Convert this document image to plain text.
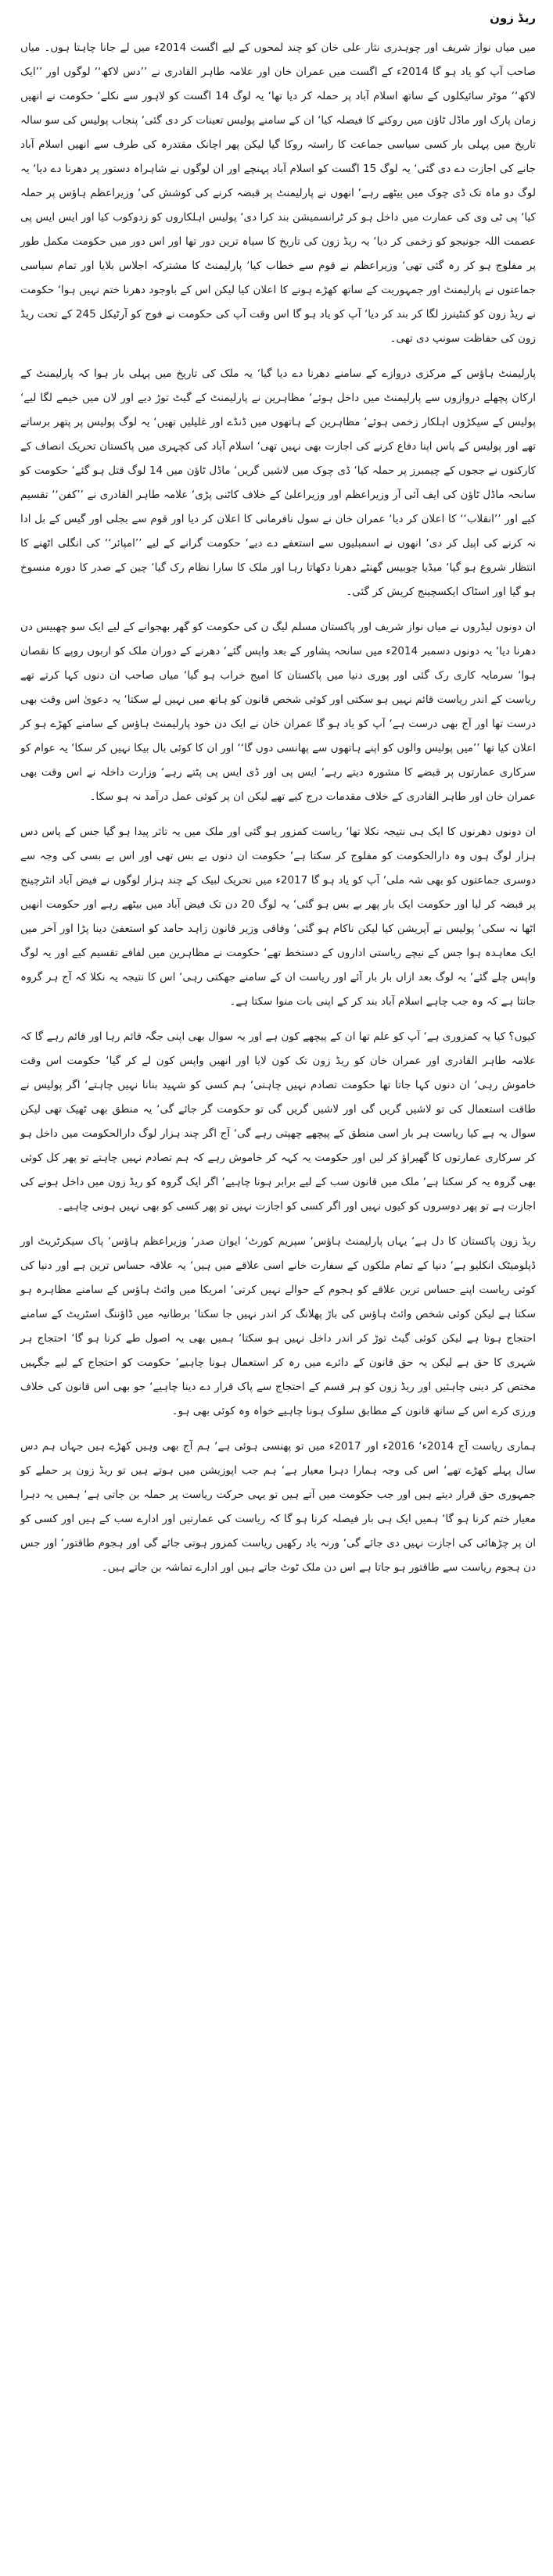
ریڈ زون

میں میاں نواز شریف اور چوہدری نثار علی خان کو چند لمحوں کے لیے اگست 2014ء میں لے جانا چاہتا ہوں۔ میاں صاحب آپ کو یاد ہو گا 2014ء کے اگست میں عمران خان اور علامہ طاہر القادری نے ’’دس لاکھ‘‘ لوگوں اور ’’ایک لاکھ‘‘ موٹر سائیکلوں کے ساتھ اسلام آباد پر حملہ کر دیا تھا‘ یہ لوگ 14 اگست کو لاہور سے نکلے‘ حکومت نے انھیں زمان پارک اور ماڈل ٹاؤن میں روکنے کا فیصلہ کیا‘ ان کے سامنے پولیس تعینات کر دی گئی‘ پنجاب پولیس کی سو سالہ تاریخ میں پہلی بار کسی سیاسی جماعت کا راستہ روکا گیا لیکن پھر اچانک مقتدرہ کی طرف سے انھیں اسلام آباد جانے کی اجازت دے دی گئی‘ یہ لوگ 15 اگست کو اسلام آباد پہنچے اور ان لوگوں نے شاہراہ دستور پر دھرنا دے دیا‘ یہ لوگ دو ماہ تک ڈی چوک میں بیٹھے رہے‘ انھوں نے پارلیمنٹ پر قبضہ کرنے کی کوشش کی‘ وزیراعظم ہاؤس پر حملہ کیا‘ پی ٹی وی کی عمارت میں داخل ہو کر ٹرانسمیشن بند کرا دی‘ پولیس اہلکاروں کو زدوکوب کیا اور ایس ایس پی عصمت اللہ جونیجو کو زخمی کر دیا‘ یہ ریڈ زون کی تاریخ کا سیاہ ترین دور تھا اور اس دور میں حکومت مکمل طور پر مفلوج ہو کر رہ گئی تھی‘ وزیراعظم نے قوم سے خطاب کیا‘ پارلیمنٹ کا مشترکہ اجلاس بلایا اور تمام سیاسی جماعتوں نے پارلیمنٹ اور جمہوریت کے ساتھ کھڑے ہونے کا اعلان کیا لیکن اس کے باوجود دھرنا ختم نہیں ہوا‘ حکومت نے ریڈ زون کو کنٹینرز لگا کر بند کر دیا‘ آپ کو یاد ہو گا اس وقت آپ کی حکومت نے فوج کو آرٹیکل 245 کے تحت ریڈ زون کی حفاظت سونپ دی تھی۔

پارلیمنٹ ہاؤس کے مرکزی دروازے کے سامنے دھرنا دے دیا گیا‘ یہ ملک کی تاریخ میں پہلی بار ہوا کہ پارلیمنٹ کے ارکان پچھلے دروازوں سے پارلیمنٹ میں داخل ہوئے‘ مظاہرین نے پارلیمنٹ کے گیٹ توڑ دیے اور لان میں خیمے لگا لیے‘ پولیس کے سیکڑوں اہلکار زخمی ہوئے‘ مظاہرین کے ہاتھوں میں ڈنڈے اور غلیلیں تھیں‘ یہ لوگ پولیس پر پتھر برساتے تھے اور پولیس کے پاس اپنا دفاع کرنے کی اجازت بھی نہیں تھی‘ اسلام آباد کی کچہری میں پاکستان تحریک انصاف کے کارکنوں نے ججوں کے چیمبرز پر حملہ کیا‘ ڈی چوک میں لاشیں گریں‘ ماڈل ٹاؤن میں 14 لوگ قتل ہو گئے‘ حکومت کو سانحہ ماڈل ٹاؤن کی ایف آئی آر وزیراعظم اور وزیراعلیٰ کے خلاف کاٹنی پڑی‘ علامہ طاہر القادری نے ’’کفن‘‘ تقسیم کیے اور ’’انقلاب‘‘ کا اعلان کر دیا‘ عمران خان نے سول نافرمانی کا اعلان کر دیا اور قوم سے بجلی اور گیس کے بل ادا نہ کرنے کی اپیل کر دی‘ انھوں نے اسمبلیوں سے استعفے دے دیے‘ حکومت گرانے کے لیے ’’امپائر‘‘ کی انگلی اٹھنے کا انتظار شروع ہو گیا‘ میڈیا چوبیس گھنٹے دھرنا دکھاتا رہا اور ملک کا سارا نظام رک گیا‘ چین کے صدر کا دورہ منسوخ ہو گیا اور اسٹاک ایکسچینج کریش کر گئی۔

ان دونوں لیڈروں نے میاں نواز شریف اور پاکستان مسلم لیگ ن کی حکومت کو گھر بھجوانے کے لیے ایک سو چھبیس دن دھرنا دیا‘ یہ دونوں دسمبر 2014ء میں سانحہ پشاور کے بعد واپس گئے‘ دھرنے کے دوران ملک کو اربوں روپے کا نقصان ہوا‘ سرمایہ کاری رک گئی اور پوری دنیا میں پاکستان کا امیج خراب ہو گیا‘ میاں صاحب ان دنوں کہا کرتے تھے ریاست کے اندر ریاست قائم نہیں ہو سکتی اور کوئی شخص قانون کو ہاتھ میں نہیں لے سکتا‘ یہ دعویٰ اس وقت بھی درست تھا اور آج بھی درست ہے‘ آپ کو یاد ہو گا عمران خان نے ایک دن خود پارلیمنٹ ہاؤس کے سامنے کھڑے ہو کر اعلان کیا تھا ’’میں پولیس والوں کو اپنے ہاتھوں سے پھانسی دوں گا‘‘ اور ان کا کوئی بال بیکا نہیں کر سکا‘ یہ عوام کو سرکاری عمارتوں پر قبضے کا مشورہ دیتے رہے‘ ایس پی اور ڈی ایس پی پٹتے رہے‘ وزارت داخلہ نے اس وقت بھی عمران خان اور طاہر القادری کے خلاف مقدمات درج کیے تھے لیکن ان پر کوئی عمل درآمد نہ ہو سکا۔

ان دونوں دھرنوں کا ایک ہی نتیجہ نکلا تھا‘ ریاست کمزور ہو گئی اور ملک میں یہ تاثر پیدا ہو گیا جس کے پاس دس ہزار لوگ ہوں وہ دارالحکومت کو مفلوج کر سکتا ہے‘ حکومت ان دنوں بے بس تھی اور اس بے بسی کی وجہ سے دوسری جماعتوں کو بھی شہ ملی‘ آپ کو یاد ہو گا 2017ء میں تحریک لبیک کے چند ہزار لوگوں نے فیض آباد انٹرچینج پر قبضہ کر لیا اور حکومت ایک بار پھر بے بس ہو گئی‘ یہ لوگ 20 دن تک فیض آباد میں بیٹھے رہے اور حکومت انھیں اٹھا نہ سکی‘ پولیس نے آپریشن کیا لیکن ناکام ہو گئی‘ وفاقی وزیر قانون زاہد حامد کو استعفیٰ دینا پڑا اور آخر میں ایک معاہدہ ہوا جس کے نیچے ریاستی اداروں کے دستخط تھے‘ حکومت نے مظاہرین میں لفافے تقسیم کیے اور یہ لوگ واپس چلے گئے‘ یہ لوگ بعد ازاں بار بار آئے اور ریاست ان کے سامنے جھکتی رہی‘ اس کا نتیجہ یہ نکلا کہ آج ہر گروہ جانتا ہے کہ وہ جب چاہے اسلام آباد بند کر کے اپنی بات منوا سکتا ہے۔

کیوں؟ کیا یہ کمزوری ہے‘ آپ کو علم تھا ان کے پیچھے کون ہے اور یہ سوال بھی اپنی جگہ قائم رہا اور قائم رہے گا کہ علامہ طاہر القادری اور عمران خان کو ریڈ زون تک کون لایا اور انھیں واپس کون لے کر گیا‘ حکومت اس وقت خاموش رہی‘ ان دنوں کہا جاتا تھا حکومت تصادم نہیں چاہتی‘ ہم کسی کو شہید بنانا نہیں چاہتے‘ اگر پولیس نے طاقت استعمال کی تو لاشیں گریں گی اور لاشیں گریں گی تو حکومت گر جائے گی‘ یہ منطق بھی ٹھیک تھی لیکن سوال یہ ہے کیا ریاست ہر بار اسی منطق کے پیچھے چھپتی رہے گی‘ آج اگر چند ہزار لوگ دارالحکومت میں داخل ہو کر سرکاری عمارتوں کا گھیراؤ کر لیں اور حکومت یہ کہہ کر خاموش رہے کہ ہم تصادم نہیں چاہتے تو پھر کل کوئی بھی گروہ یہ کر سکتا ہے‘ ملک میں قانون سب کے لیے برابر ہونا چاہیے‘ اگر ایک گروہ کو ریڈ زون میں داخل ہونے کی اجازت ہے تو پھر دوسروں کو کیوں نہیں اور اگر کسی کو اجازت نہیں تو پھر کسی کو بھی نہیں ہونی چاہیے۔

ریڈ زون پاکستان کا دل ہے‘ یہاں پارلیمنٹ ہاؤس‘ سپریم کورٹ‘ ایوان صدر‘ وزیراعظم ہاؤس‘ پاک سیکرٹریٹ اور ڈپلومیٹک انکلیو ہے‘ دنیا کے تمام ملکوں کے سفارت خانے اسی علاقے میں ہیں‘ یہ علاقہ حساس ترین ہے اور دنیا کی کوئی ریاست اپنے حساس ترین علاقے کو ہجوم کے حوالے نہیں کرتی‘ امریکا میں وائٹ ہاؤس کے سامنے مظاہرہ ہو سکتا ہے لیکن کوئی شخص وائٹ ہاؤس کی باڑ پھلانگ کر اندر نہیں جا سکتا‘ برطانیہ میں ڈاؤننگ اسٹریٹ کے سامنے احتجاج ہوتا ہے لیکن کوئی گیٹ توڑ کر اندر داخل نہیں ہو سکتا‘ ہمیں بھی یہ اصول طے کرنا ہو گا‘ احتجاج ہر شہری کا حق ہے لیکن یہ حق قانون کے دائرے میں رہ کر استعمال ہونا چاہیے‘ حکومت کو احتجاج کے لیے جگہیں مختص کر دینی چاہئیں اور ریڈ زون کو ہر قسم کے احتجاج سے پاک قرار دے دینا چاہیے‘ جو بھی اس قانون کی خلاف ورزی کرے اس کے ساتھ قانون کے مطابق سلوک ہونا چاہیے خواہ وہ کوئی بھی ہو۔

ہماری ریاست آج 2014ء‘ 2016ء اور 2017ء میں تو پھنسی ہوئی ہے‘ ہم آج بھی وہیں کھڑے ہیں جہاں ہم دس سال پہلے کھڑے تھے‘ اس کی وجہ ہمارا دہرا معیار ہے‘ ہم جب اپوزیشن میں ہوتے ہیں تو ریڈ زون پر حملے کو جمہوری حق قرار دیتے ہیں اور جب حکومت میں آتے ہیں تو یہی حرکت ریاست پر حملہ بن جاتی ہے‘ ہمیں یہ دہرا معیار ختم کرنا ہو گا‘ ہمیں ایک ہی بار فیصلہ کرنا ہو گا کہ ریاست کی عمارتیں اور ادارے سب کے ہیں اور کسی کو ان پر چڑھائی کی اجازت نہیں دی جائے گی‘ ورنہ یاد رکھیں ریاست کمزور ہوتی جائے گی اور ہجوم طاقتور‘ اور جس دن ہجوم ریاست سے طاقتور ہو جاتا ہے اس دن ملک ٹوٹ جاتے ہیں اور ادارے تماشہ بن جاتے ہیں۔
